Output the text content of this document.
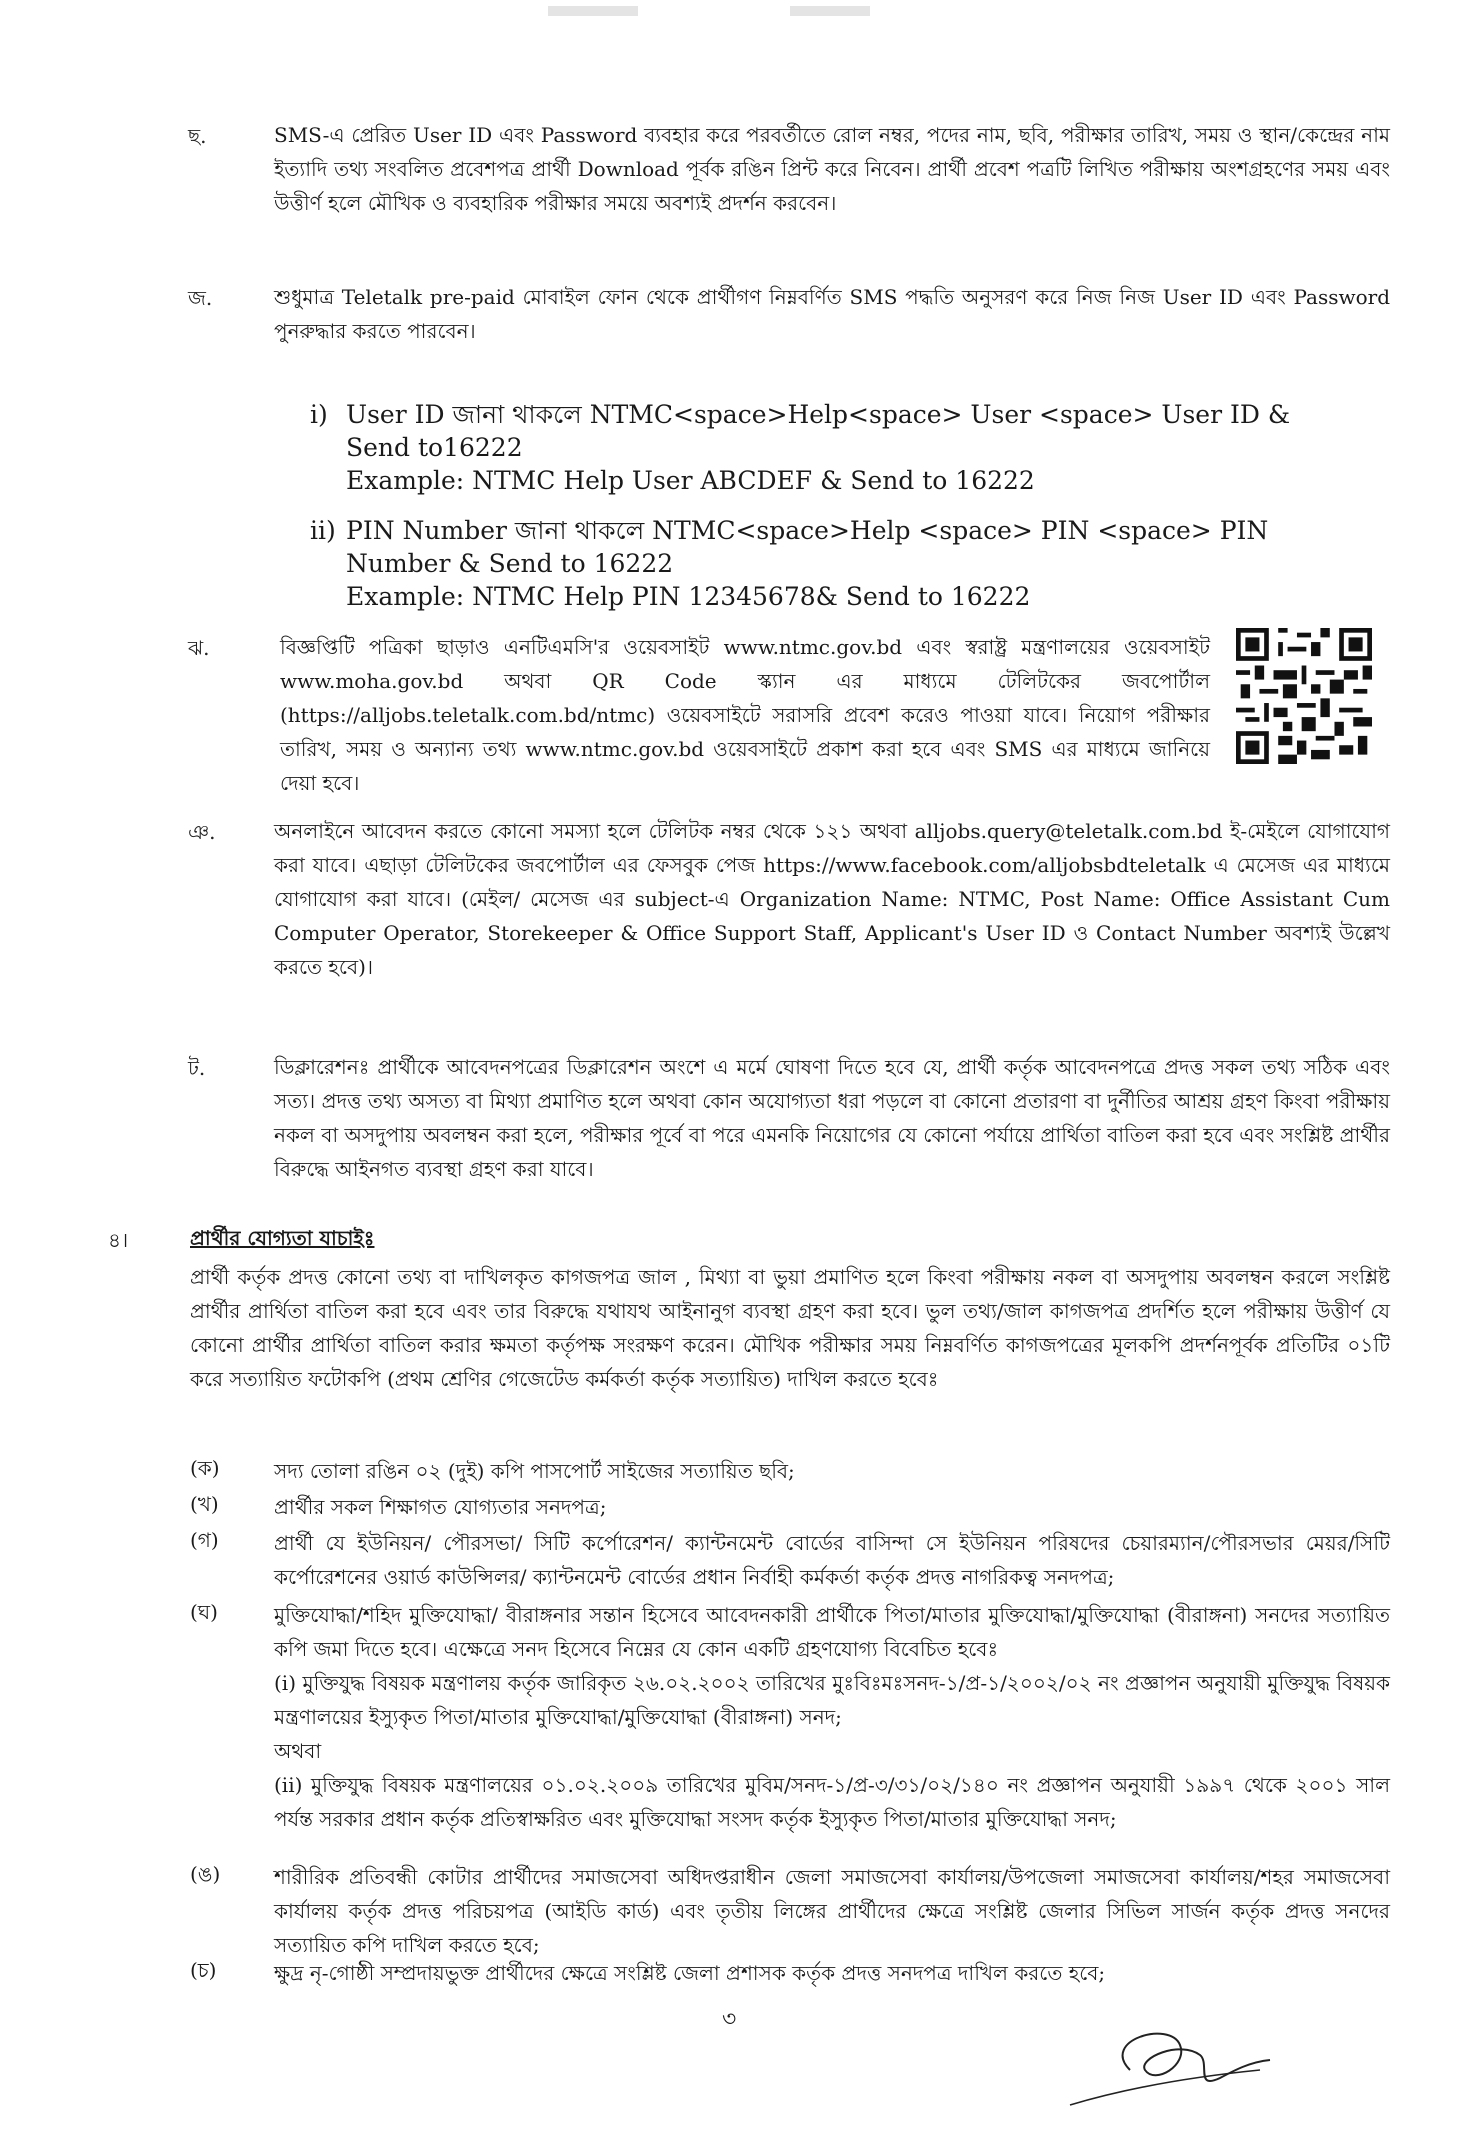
ছ.	SMS-এ প্রেরিত User ID এবং Password ব্যবহার করে পরবর্তীতে রোল নম্বর, পদের নাম, ছবি, পরীক্ষার তারিখ, সময় ও স্থান/কেন্দ্রের নাম ইত্যাদি তথ্য সংবলিত প্রবেশপত্র প্রার্থী Download পূর্বক রঙিন প্রিন্ট করে নিবেন। প্রার্থী প্রবেশ পত্রটি লিখিত পরীক্ষায় অংশগ্রহণের সময় এবং উত্তীর্ণ হলে মৌখিক ও ব্যবহারিক পরীক্ষার সময়ে অবশ্যই প্রদর্শন করবেন।
জ.	শুধুমাত্র Teletalk pre-paid মোবাইল ফোন থেকে প্রার্থীগণ নিম্নবর্ণিত SMS পদ্ধতি অনুসরণ করে নিজ নিজ User ID এবং Password পুনরুদ্ধার করতে পারবেন।
i) User ID জানা থাকলে NTMC<space>Help<space> User <space> User ID &
Send to16222
Example: NTMC Help User ABCDEF & Send to 16222
ii) PIN Number জানা থাকলে NTMC<space>Help <space> PIN <space> PIN
Number & Send to 16222
Example: NTMC Help PIN 12345678& Send to 16222
ঝ.	বিজ্ঞপ্তিটি পত্রিকা ছাড়াও এনটিএমসি'র ওয়েবসাইট www.ntmc.gov.bd এবং স্বরাষ্ট্র মন্ত্রণালয়ের ওয়েবসাইট www.moha.gov.bd অথবা QR Code স্ক্যান এর মাধ্যমে টেলিটকের জবপোর্টাল (https://alljobs.teletalk.com.bd/ntmc) ওয়েবসাইটে সরাসরি প্রবেশ করেও পাওয়া যাবে। নিয়োগ পরীক্ষার তারিখ, সময় ও অন্যান্য তথ্য www.ntmc.gov.bd ওয়েবসাইটে প্রকাশ করা হবে এবং SMS এর মাধ্যমে জানিয়ে দেয়া হবে।
ঞ.	অনলাইনে আবেদন করতে কোনো সমস্যা হলে টেলিটক নম্বর থেকে ১২১ অথবা alljobs.query@teletalk.com.bd ই-মেইলে যোগাযোগ করা যাবে। এছাড়া টেলিটকের জবপোর্টাল এর ফেসবুক পেজ https://www.facebook.com/alljobsbdteletalk এ মেসেজ এর মাধ্যমে যোগাযোগ করা যাবে। (মেইল/ মেসেজ এর subject-এ Organization Name: NTMC, Post Name: Office Assistant Cum Computer Operator, Storekeeper & Office Support Staff, Applicant's User ID ও Contact Number অবশ্যই উল্লেখ করতে হবে)।
ট.	ডিক্লারেশনঃ প্রার্থীকে আবেদনপত্রের ডিক্লারেশন অংশে এ মর্মে ঘোষণা দিতে হবে যে, প্রার্থী কর্তৃক আবেদনপত্রে প্রদত্ত সকল তথ্য সঠিক এবং সত্য। প্রদত্ত তথ্য অসত্য বা মিথ্যা প্রমাণিত হলে অথবা কোন অযোগ্যতা ধরা পড়লে বা কোনো প্রতারণা বা দুর্নীতির আশ্রয় গ্রহণ কিংবা পরীক্ষায় নকল বা অসদুপায় অবলম্বন করা হলে, পরীক্ষার পূর্বে বা পরে এমনকি নিয়োগের যে কোনো পর্যায়ে প্রার্থিতা বাতিল করা হবে এবং সংশ্লিষ্ট প্রার্থীর বিরুদ্ধে আইনগত ব্যবস্থা গ্রহণ করা যাবে।
৪।	প্রার্থীর যোগ্যতা যাচাইঃ
প্রার্থী কর্তৃক প্রদত্ত কোনো তথ্য বা দাখিলকৃত কাগজপত্র জাল , মিথ্যা বা ভুয়া প্রমাণিত হলে কিংবা পরীক্ষায় নকল বা অসদুপায় অবলম্বন করলে সংশ্লিষ্ট প্রার্থীর প্রার্থিতা বাতিল করা হবে এবং তার বিরুদ্ধে যথাযথ আইনানুগ ব্যবস্থা গ্রহণ করা হবে। ভুল তথ্য/জাল কাগজপত্র প্রদর্শিত হলে পরীক্ষায় উত্তীর্ণ যে কোনো প্রার্থীর প্রার্থিতা বাতিল করার ক্ষমতা কর্তৃপক্ষ সংরক্ষণ করেন। মৌখিক পরীক্ষার সময় নিম্নবর্ণিত কাগজপত্রের মূলকপি প্রদর্শনপূর্বক প্রতিটির ০১টি করে সত্যায়িত ফটোকপি (প্রথম শ্রেণির গেজেটেড কর্মকর্তা কর্তৃক সত্যায়িত) দাখিল করতে হবেঃ
(ক)	সদ্য তোলা রঙিন ০২ (দুই) কপি পাসপোর্ট সাইজের সত্যায়িত ছবি;
(খ)	প্রার্থীর সকল শিক্ষাগত যোগ্যতার সনদপত্র;
(গ)	প্রার্থী যে ইউনিয়ন/ পৌরসভা/ সিটি কর্পোরেশন/ ক্যান্টনমেন্ট বোর্ডের বাসিন্দা সে ইউনিয়ন পরিষদের চেয়ারম্যান/পৌরসভার মেয়র/সিটি কর্পোরেশনের ওয়ার্ড কাউন্সিলর/ ক্যান্টনমেন্ট বোর্ডের প্রধান নির্বাহী কর্মকর্তা কর্তৃক প্রদত্ত নাগরিকত্ব সনদপত্র;
(ঘ)	মুক্তিযোদ্ধা/শহিদ মুক্তিযোদ্ধা/ বীরাঙ্গনার সন্তান হিসেবে আবেদনকারী প্রার্থীকে পিতা/মাতার মুক্তিযোদ্ধা/মুক্তিযোদ্ধা (বীরাঙ্গনা) সনদের সত্যায়িত কপি জমা দিতে হবে। এক্ষেত্রে সনদ হিসেবে নিম্নের যে কোন একটি গ্রহণযোগ্য বিবেচিত হবেঃ
(i) মুক্তিযুদ্ধ বিষয়ক মন্ত্রণালয় কর্তৃক জারিকৃত ২৬.০২.২০০২ তারিখের মুঃবিঃমঃসনদ-১/প্র-১/২০০২/০২ নং প্রজ্ঞাপন অনুযায়ী মুক্তিযুদ্ধ বিষয়ক মন্ত্রণালয়ের ইস্যুকৃত পিতা/মাতার মুক্তিযোদ্ধা/মুক্তিযোদ্ধা (বীরাঙ্গনা) সনদ;
অথবা
(ii) মুক্তিযুদ্ধ বিষয়ক মন্ত্রণালয়ের ০১.০২.২০০৯ তারিখের মুবিম/সনদ-১/প্র-৩/৩১/০২/১৪০ নং প্রজ্ঞাপন অনুযায়ী ১৯৯৭ থেকে ২০০১ সাল পর্যন্ত সরকার প্রধান কর্তৃক প্রতিস্বাক্ষরিত এবং মুক্তিযোদ্ধা সংসদ কর্তৃক ইস্যুকৃত পিতা/মাতার মুক্তিযোদ্ধা সনদ;
(ঙ)	শারীরিক প্রতিবন্ধী কোটার প্রার্থীদের সমাজসেবা অধিদপ্তরাধীন জেলা সমাজসেবা কার্যালয়/উপজেলা সমাজসেবা কার্যালয়/শহর সমাজসেবা কার্যালয় কর্তৃক প্রদত্ত পরিচয়পত্র (আইডি কার্ড) এবং তৃতীয় লিঙ্গের প্রার্থীদের ক্ষেত্রে সংশ্লিষ্ট জেলার সিভিল সার্জন কর্তৃক প্রদত্ত সনদের সত্যায়িত কপি দাখিল করতে হবে;
(চ)	ক্ষুদ্র নৃ-গোষ্ঠী সম্প্রদায়ভুক্ত প্রার্থীদের ক্ষেত্রে সংশ্লিষ্ট জেলা প্রশাসক কর্তৃক প্রদত্ত সনদপত্র দাখিল করতে হবে;
৩
